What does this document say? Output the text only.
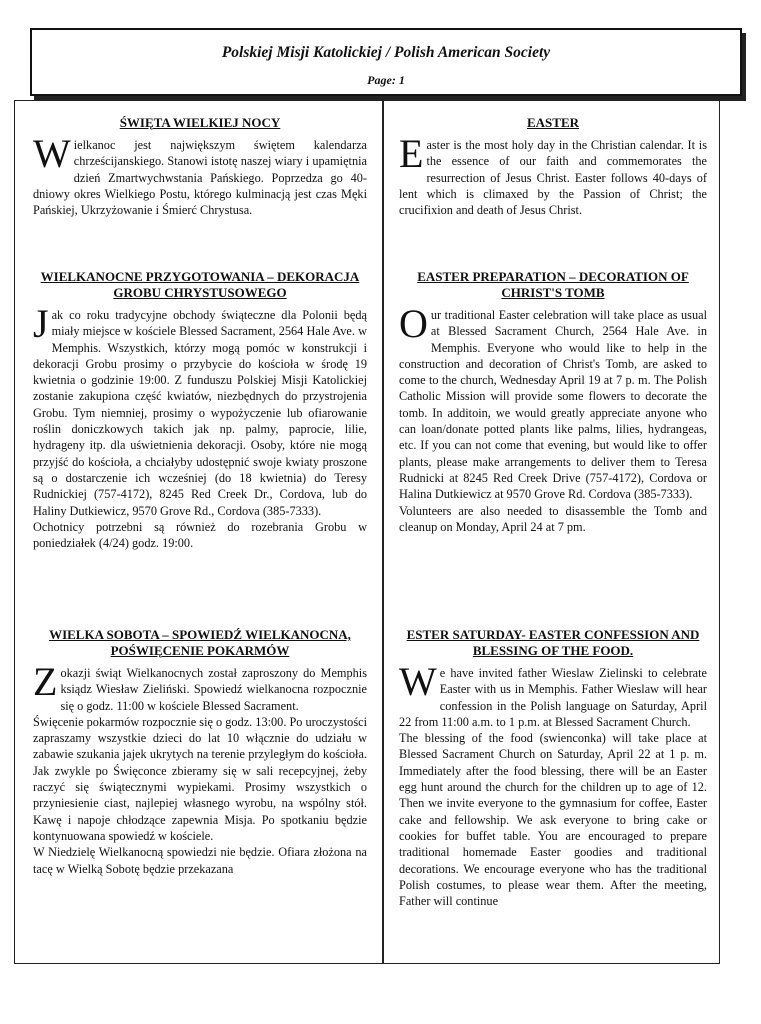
Polskiej Misji Katolickiej / Polish American Society
Page: 1
ŚWIĘTA WIELKIEJ NOCY

Wielkanoc jest największym świętem kalendarza chrześcijanskiego. Stanowi istotę naszej wiary i upamiętnia dzień Zmartwychwstania Pańskiego. Poprzedza go 40-dniowy okres Wielkiego Postu, którego kulminacją jest czas Męki Pańskiej, Ukrzyżowanie i Śmierć Chrystusa.

WIELKANOCNE PRZYGOTOWANIA – DEKORACJA GROBU CHRYSTUSOWEGO

Jak co roku tradycyjne obchody świąteczne dla Polonii będą miały miejsce w kościele Blessed Sacrament, 2564 Hale Ave. w Memphis. Wszystkich, którzy mogą pomóc w konstrukcji i dekoracji Grobu prosimy o przybycie do kościoła w środę 19 kwietnia o godzinie 19:00. Z funduszu Polskiej Misji Katolickiej zostanie zakupiona część kwiatów, niezbędnych do przystrojenia Grobu. Tym niemniej, prosimy o wypożyczenie lub ofiarowanie roślin doniczkowych takich jak np. palmy, paprocie, lilie, hydrageny itp. dla uświetnienia dekoracji. Osoby, które nie mogą przyjść do kościoła, a chciałyby udostępnić swoje kwiaty proszone są o dostarczenie ich wcześniej (do 18 kwietnia) do Teresy Rudnickiej (757-4172), 8245 Red Creek Dr., Cordova, lub do Haliny Dutkiewicz, 9570 Grove Rd., Cordova (385-7333).
Ochotnicy potrzebni są również do rozebrania Grobu w poniedziałek (4/24) godz. 19:00.

WIELKA SOBOTA – SPOWIEDŹ WIELKANOCNA, POŚWIĘCENIE POKARMÓW

Zokazji świąt Wielkanocnych został zaproszony do Memphis ksiądz Wiesław Zieliński. Spowiedź wielkanocna rozpocznie się o godz. 11:00 w kościele Blessed Sacrament.
Święcenie pokarmów rozpocznie się o godz. 13:00. Po uroczystości zapraszamy wszystkie dzieci do lat 10 włącznie do udziału w zabawie szukania jajek ukrytych na terenie przyległym do kościoła. Jak zwykle po Święconce zbieramy się w sali recepcyjnej, żeby raczyć się świątecznymi wypiekami. Prosimy wszystkich o przyniesienie ciast, najlepiej własnego wyrobu, na wspólny stół. Kawę i napoje chłodzące zapewnia Misja. Po spotkaniu będzie kontynuowana spowiedź w kościele.
W Niedzielę Wielkanocną spowiedzi nie będzie. Ofiara złożona na tacę w Wielką Sobotę będzie przekazana

EASTER

Easter is the most holy day in the Christian calendar. It is the essence of our faith and commemorates the resurrection of Jesus Christ. Easter follows 40-days of lent which is climaxed by the Passion of Christ; the crucifixion and death of Jesus Christ.

EASTER PREPARATION – DECORATION OF CHRIST'S TOMB

Our traditional Easter celebration will take place as usual at Blessed Sacrament Church, 2564 Hale Ave. in Memphis. Everyone who would like to help in the construction and decoration of Christ's Tomb, are asked to come to the church, Wednesday April 19 at 7 p. m. The Polish Catholic Mission will provide some flowers to decorate the tomb. In additoin, we would greatly appreciate anyone who can loan/donate potted plants like palms, lilies, hydrangeas, etc. If you can not come that evening, but would like to offer plants, please make arrangements to deliver them to Teresa Rudnicki at 8245 Red Creek Drive (757-4172), Cordova or Halina Dutkiewicz at 9570 Grove Rd. Cordova (385-7333).
Volunteers are also needed to disassemble the Tomb and cleanup on Monday, April 24 at 7 pm.

ESTER SATURDAY- EASTER CONFESSION AND BLESSING OF THE FOOD.

We have invited father Wieslaw Zielinski to celebrate Easter with us in Memphis. Father Wieslaw will hear confession in the Polish language on Saturday, April 22 from 11:00 a.m. to 1 p.m. at Blessed Sacrament Church.
The blessing of the food (swienconka) will take place at Blessed Sacrament Church on Saturday, April 22 at 1 p. m. Immediately after the food blessing, there will be an Easter egg hunt around the church for the children up to age of 12. Then we invite everyone to the gymnasium for coffee, Easter cake and fellowship. We ask everyone to bring cake or cookies for buffet table. You are encouraged to prepare traditional homemade Easter goodies and traditional decorations. We encourage everyone who has the traditional Polish costumes, to please wear them. After the meeting, Father will continue
